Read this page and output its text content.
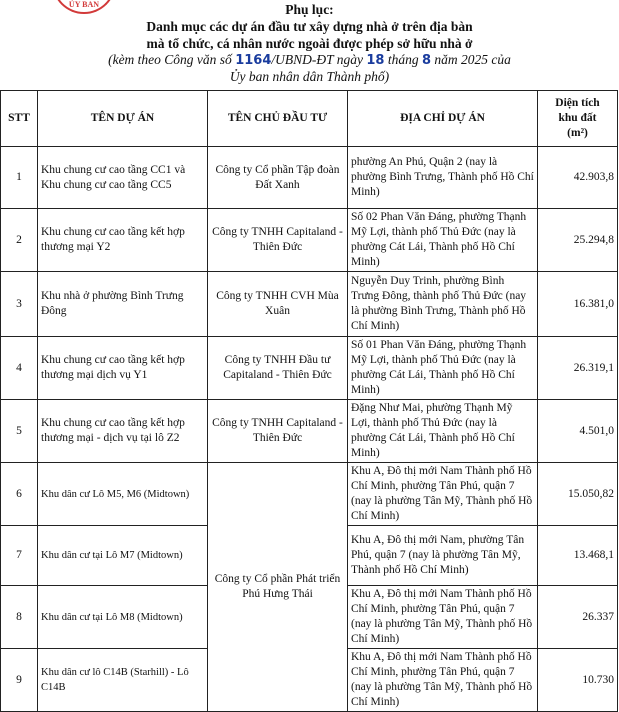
ỦY BAN	Phụ lục:
Danh mục các dự án đầu tư xây dựng nhà ở trên địa bàn
mà tổ chức, cá nhân nước ngoài được phép sở hữu nhà ở
(kèm theo Công văn số 1164/UBND-ĐT ngày 18 tháng 8 năm 2025 của
Ủy ban nhân dân Thành phố)
STT	TÊN DỰ ÁN	TÊN CHỦ ĐẦU TƯ	ĐỊA CHỈ DỰ ÁN	Diện tích
khu đất
(m²)

1	Khu chung cư cao tầng CC1 và Khu chung cư cao tầng CC5	Công ty Cổ phần Tập đoàn Đất Xanh	phường An Phú, Quận 2 (nay là phường Bình Trưng, Thành phố Hồ Chí Minh)	42.903,8
2	Khu chung cư cao tầng kết hợp thương mại Y2	Công ty TNHH Capitaland - Thiên Đức	Số 02 Phan Văn Đáng, phường Thạnh Mỹ Lợi, thành phố Thủ Đức (nay là phường Cát Lái, Thành phố Hồ Chí Minh)	25.294,8
3	Khu nhà ở phường Bình Trưng Đông	Công ty TNHH CVH Mùa Xuân	Nguyễn Duy Trinh, phường Bình Trưng Đông, thành phố Thủ Đức (nay là phường Bình Trưng, Thành phố Hồ Chí Minh)	16.381,0
4	Khu chung cư cao tầng kết hợp thương mại dịch vụ Y1	Công ty TNHH Đầu tư Capitaland - Thiên Đức	Số 01 Phan Văn Đáng, phường Thạnh Mỹ Lợi, thành phố Thủ Đức (nay là phường Cát Lái, Thành phố Hồ Chí Minh)	26.319,1
5	Khu chung cư cao tầng kết hợp thương mại - dịch vụ tại lô Z2	Công ty TNHH Capitaland - Thiên Đức	Đặng Như Mai, phường Thạnh Mỹ Lợi, thành phố Thủ Đức (nay là phường Cát Lái, Thành phố Hồ Chí Minh)	4.501,0
6	Khu dân cư Lô M5, M6 (Midtown)	Công ty Cổ phần Phát triển Phú Hưng Thái	Khu A, Đô thị mới Nam Thành phố Hồ Chí Minh, phường Tân Phú, quận 7 (nay là phường Tân Mỹ, Thành phố Hồ Chí Minh)	15.050,82
7	Khu dân cư tại Lô M7 (Midtown)		Khu A, Đô thị mới Nam, phường Tân Phú, quận 7 (nay là phường Tân Mỹ, Thành phố Hồ Chí Minh)	13.468,1
8	Khu dân cư tại Lô M8 (Midtown)		Khu A, Đô thị mới Nam Thành phố Hồ Chí Minh, phường Tân Phú, quận 7 (nay là phường Tân Mỹ, Thành phố Hồ Chí Minh)	26.337
9	Khu dân cư lô C14B (Starhill) - Lô C14B		Khu A, Đô thị mới Nam Thành phố Hồ Chí Minh, phường Tân Phú, quận 7 (nay là phường Tân Mỹ, Thành phố Hồ Chí Minh)	10.730
